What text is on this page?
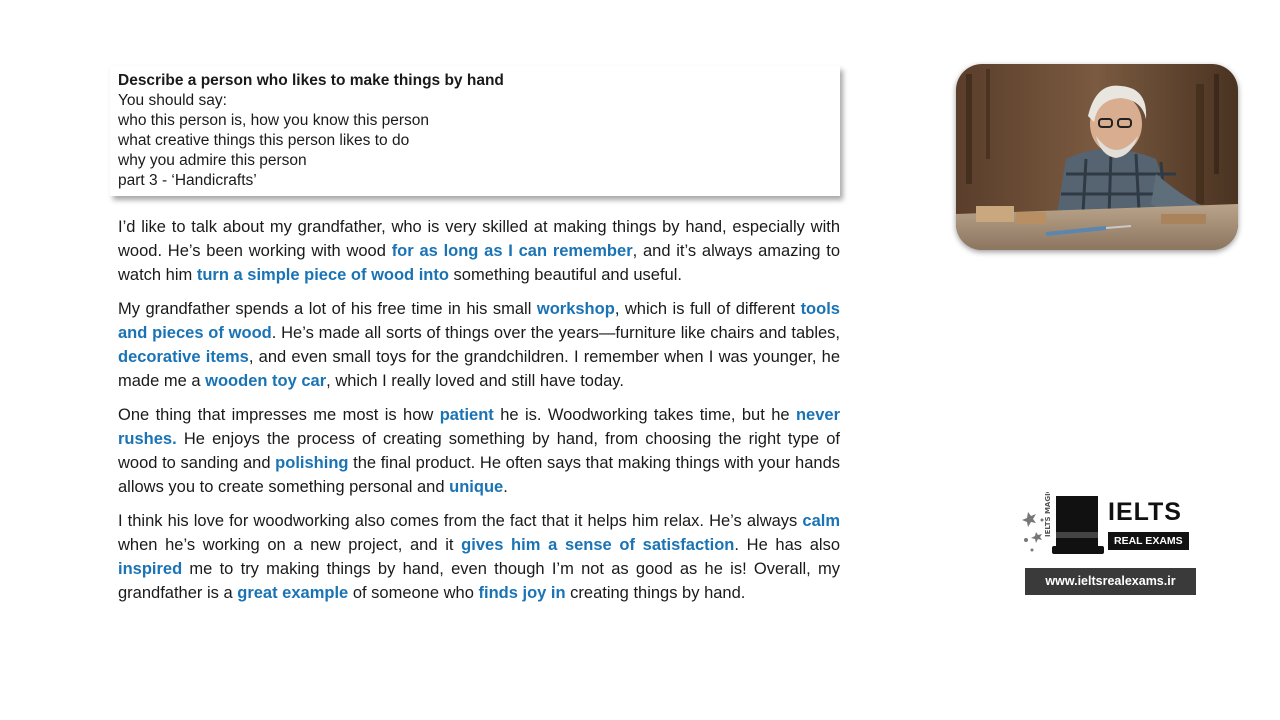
Describe a person who likes to make things by hand
You should say:
who this person is, how you know this person
what creative things this person likes to do
why you admire this person
part 3 - ‘Handicrafts’

I’d like to talk about my grandfather, who is very skilled at making things by hand, especially with wood. He’s been working with wood for as long as I can remember, and it’s always amazing to watch him turn a simple piece of wood into something beautiful and useful.

My grandfather spends a lot of his free time in his small workshop, which is full of different tools and pieces of wood. He’s made all sorts of things over the years—furniture like chairs and tables, decorative items, and even small toys for the grandchildren. I remember when I was younger, he made me a wooden toy car, which I really loved and still have today.

One thing that impresses me most is how patient he is. Woodworking takes time, but he never rushes. He enjoys the process of creating something by hand, from choosing the right type of wood to sanding and polishing the final product. He often says that making things with your hands allows you to create something personal and unique.

I think his love for woodworking also comes from the fact that it helps him relax. He’s always calm when he’s working on a new project, and it gives him a sense of satisfaction. He has also inspired me to try making things by hand, even though I’m not as good as he is! Overall, my grandfather is a great example of someone who finds joy in creating things by hand.

IELTS MAGIC IELTS
REAL EXAMS
www.ieltsrealexams.ir
